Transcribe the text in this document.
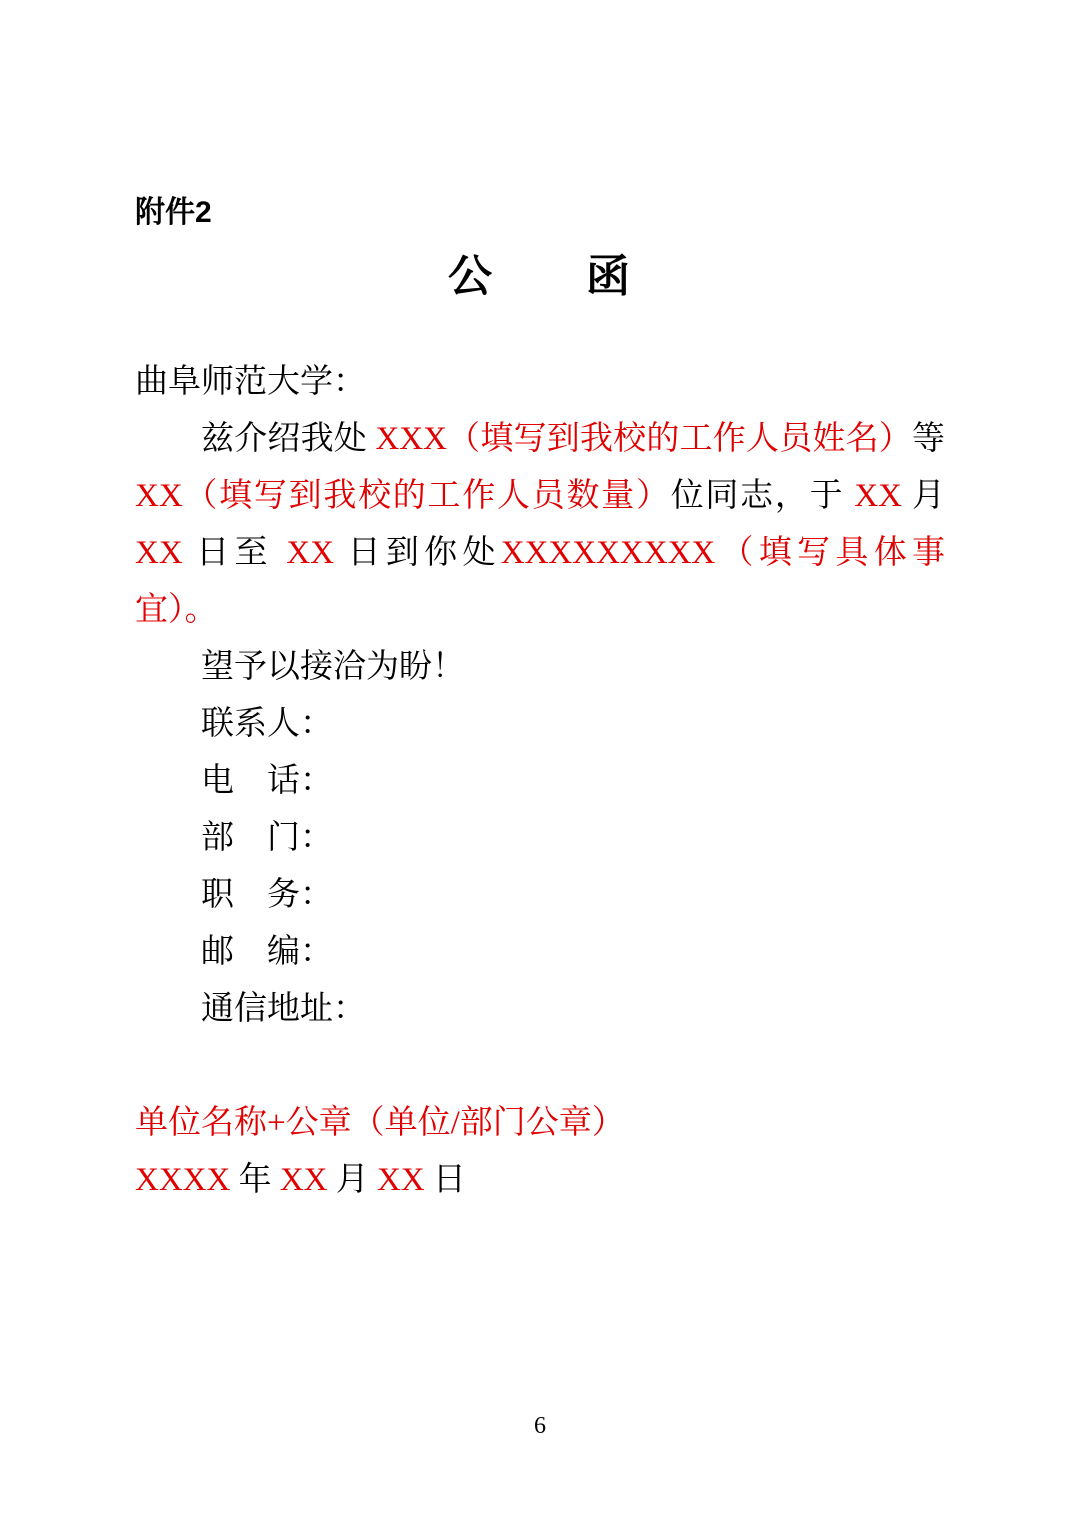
附件2
公　　函

曲阜师范大学：

兹介绍我处 XXX（填写到我校的工作人员姓名）等 XX（填写到我校的工作人员数量）位同志，于 XX 月 XX 日至 XX 日到你处XXXXXXXXX（填写具体事宜）。

望予以接洽为盼！

联系人：

电　话：

部　门：

职　务：

邮　编：

通信地址：

单位名称+公章（单位/部门公章）

XXXX 年 XX 月 XX 日

6
